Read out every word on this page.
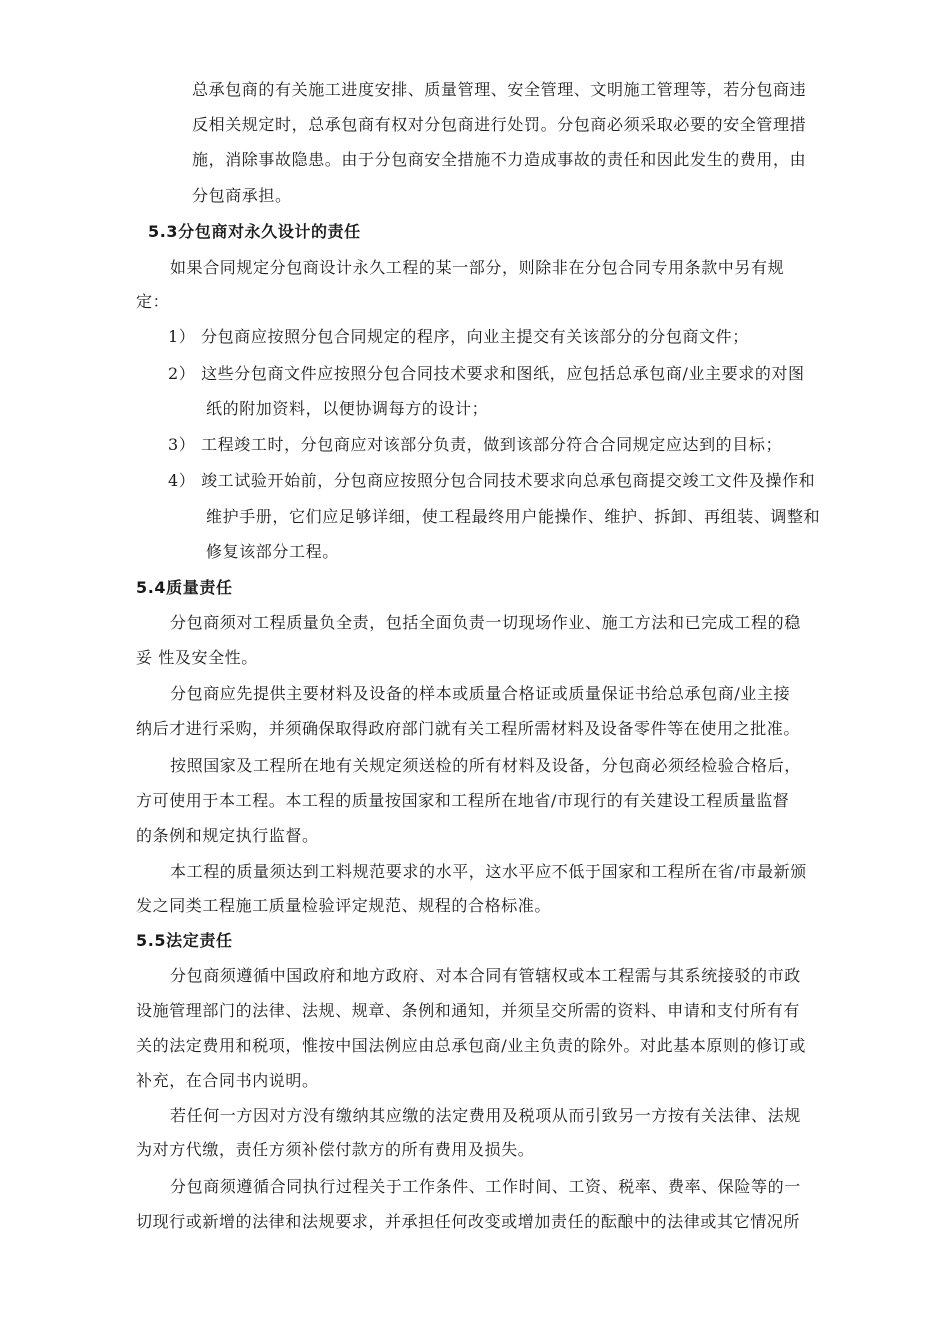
总承包商的有关施工进度安排、质量管理、安全管理、文明施工管理等，若分包商违
反相关规定时，总承包商有权对分包商进行处罚。分包商必须采取必要的安全管理措
施，消除事故隐患。由于分包商安全措施不力造成事故的责任和因此发生的费用，由
分包商承担。
5.3分包商对永久设计的责任
如果合同规定分包商设计永久工程的某一部分，则除非在分包合同专用条款中另有规
定：
1） 分包商应按照分包合同规定的程序，向业主提交有关该部分的分包商文件；
2） 这些分包商文件应按照分包合同技术要求和图纸，应包括总承包商/业主要求的对图
纸的附加资料，以便协调每方的设计；
3） 工程竣工时，分包商应对该部分负责，做到该部分符合合同规定应达到的目标；
4） 竣工试验开始前，分包商应按照分包合同技术要求向总承包商提交竣工文件及操作和
维护手册，它们应足够详细，使工程最终用户能操作、维护、拆卸、再组装、调整和
修复该部分工程。
5.4质量责任
分包商须对工程质量负全责，包括全面负责一切现场作业、施工方法和已完成工程的稳
妥 性及安全性。
分包商应先提供主要材料及设备的样本或质量合格证或质量保证书给总承包商/业主接
纳后才进行采购，并须确保取得政府部门就有关工程所需材料及设备零件等在使用之批准。
按照国家及工程所在地有关规定须送检的所有材料及设备，分包商必须经检验合格后，
方可使用于本工程。本工程的质量按国家和工程所在地省/市现行的有关建设工程质量监督
的条例和规定执行监督。
本工程的质量须达到工料规范要求的水平，这水平应不低于国家和工程所在省/市最新颁
发之同类工程施工质量检验评定规范、规程的合格标准。
5.5法定责任
分包商须遵循中国政府和地方政府、对本合同有管辖权或本工程需与其系统接驳的市政
设施管理部门的法律、法规、规章、条例和通知，并须呈交所需的资料、申请和支付所有有
关的法定费用和税项，惟按中国法例应由总承包商/业主负责的除外。对此基本原则的修订或
补充，在合同书内说明。
若任何一方因对方没有缴纳其应缴的法定费用及税项从而引致另一方按有关法律、法规
为对方代缴，责任方须补偿付款方的所有费用及损失。
分包商须遵循合同执行过程关于工作条件、工作时间、工资、税率、费率、保险等的一
切现行或新增的法律和法规要求，并承担任何改变或增加责任的酝酿中的法律或其它情况所
